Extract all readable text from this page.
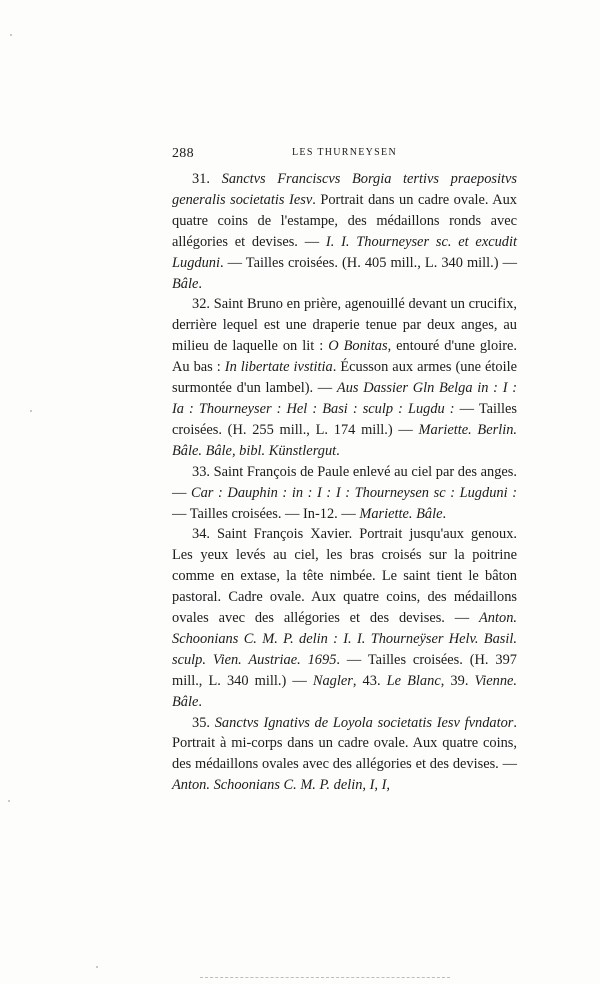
288	LES THURNEYSEN

31. Sanctvs Franciscvs Borgia tertivs praepositvs generalis societatis Iesv. Portrait dans un cadre ovale. Aux quatre coins de l'estampe, des médaillons ronds avec allégories et devises. — I. I. Thourneyser sc. et excudit Lugduni. — Tailles croisées. (H. 405 mill., L. 340 mill.) — Bâle.

32. Saint Bruno en prière, agenouillé devant un crucifix, derrière lequel est une draperie tenue par deux anges, au milieu de laquelle on lit : O Bonitas, entouré d'une gloire. Au bas : In libertate ivstitia. Écusson aux armes (une étoile surmontée d'un lambel). — Aus Dassier Gln Belga in : I : Ia : Thourneyser : Hel : Basi : sculp : Lugdu : — Tailles croisées. (H. 255 mill., L. 174 mill.) — Mariette. Berlin. Bâle. Bâle, bibl. Künstlergut.

33. Saint François de Paule enlevé au ciel par des anges. — Car : Dauphin : in : I : I : Thourneysen sc : Lugduni : — Tailles croisées. — In-12. — Mariette. Bâle.

34. Saint François Xavier. Portrait jusqu'aux genoux. Les yeux levés au ciel, les bras croisés sur la poitrine comme en extase, la tête nimbée. Le saint tient le bâton pastoral. Cadre ovale. Aux quatre coins, des médaillons ovales avec des allégories et des devises. — Anton. Schoonians C. M. P. delin : I. I. Thourneÿser Helv. Basil. sculp. Vien. Austriae. 1695. — Tailles croisées. (H. 397 mill., L. 340 mill.) — Nagler, 43. Le Blanc, 39. Vienne. Bâle.

35. Sanctvs Ignativs de Loyola societatis Iesv fvndator. Portrait à mi-corps dans un cadre ovale. Aux quatre coins, des médaillons ovales avec des allégories et des devises. — Anton. Schoonians C. M. P. delin, I, I,
